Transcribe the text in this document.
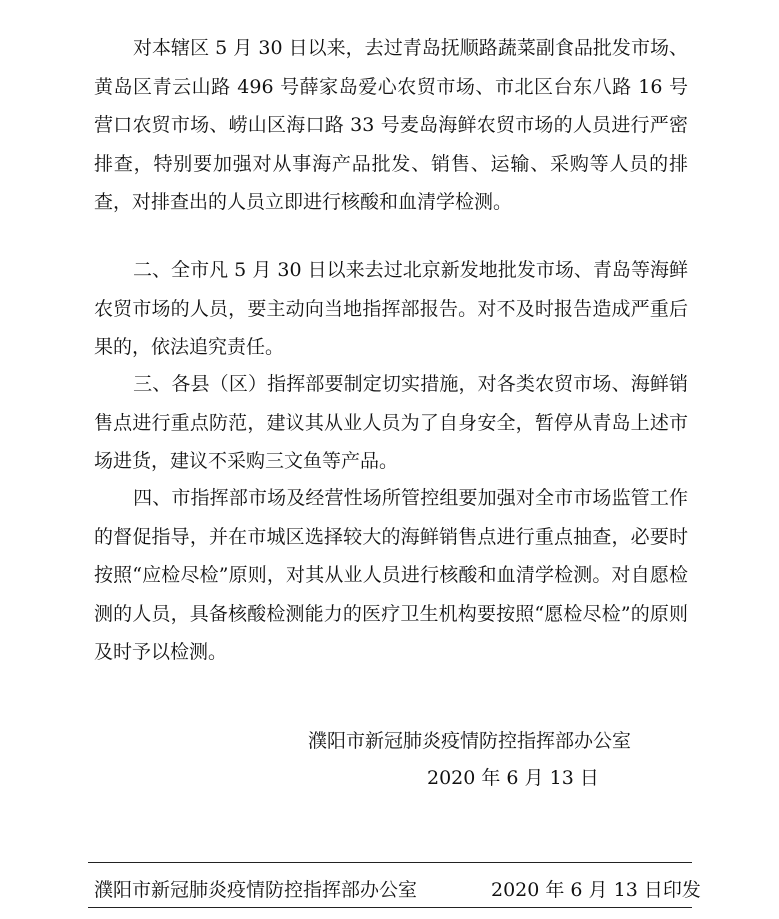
对本辖区 5 月 30 日以来，去过青岛抚顺路蔬菜副食品批发市场、黄岛区青云山路 496 号薛家岛爱心农贸市场、市北区台东八路 16 号营口农贸市场、崂山区海口路 33 号麦岛海鲜农贸市场的人员进行严密排查，特别要加强对从事海产品批发、销售、运输、采购等人员的排查，对排查出的人员立即进行核酸和血清学检测。

二、全市凡 5 月 30 日以来去过北京新发地批发市场、青岛等海鲜农贸市场的人员，要主动向当地指挥部报告。对不及时报告造成严重后果的，依法追究责任。

三、各县（区）指挥部要制定切实措施，对各类农贸市场、海鲜销售点进行重点防范，建议其从业人员为了自身安全，暂停从青岛上述市场进货，建议不采购三文鱼等产品。

四、市指挥部市场及经营性场所管控组要加强对全市市场监管工作的督促指导，并在市城区选择较大的海鲜销售点进行重点抽查，必要时按照“应检尽检”原则，对其从业人员进行核酸和血清学检测。对自愿检测的人员，具备核酸检测能力的医疗卫生机构要按照“愿检尽检”的原则及时予以检测。

濮阳市新冠肺炎疫情防控指挥部办公室

2020 年 6 月 13 日

濮阳市新冠肺炎疫情防控指挥部办公室	2020 年 6 月 13 日印发
